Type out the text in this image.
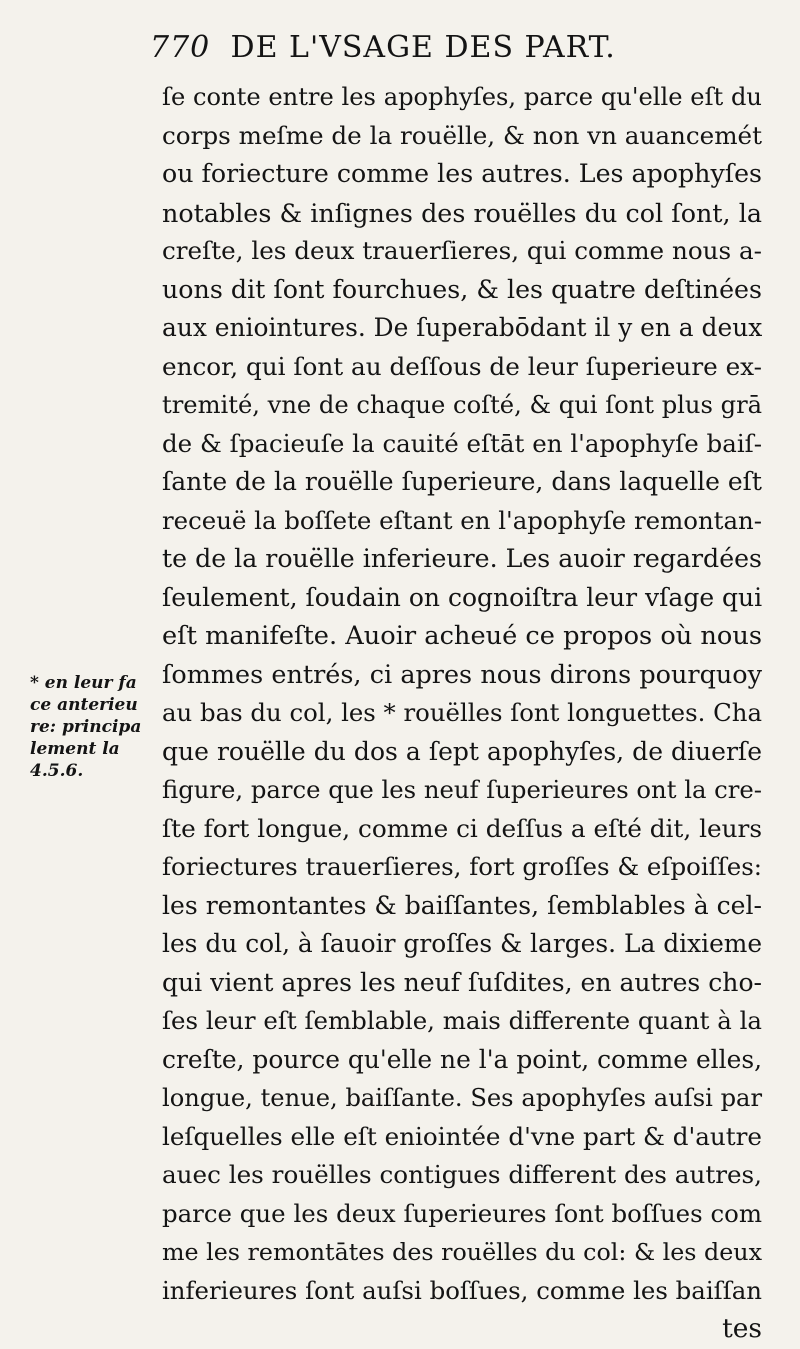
770 DE L'VSAGE DES PART.
ſe conte entre les apophyſes, parce qu'elle eſt du
corps meſme de la rouëlle, & non vn auancemét
ou foriecture comme les autres. Les apophyſes
notables & inſignes des rouëlles du col ſont, la
creſte, les deux trauerſieres, qui comme nous a-
uons dit ſont fourchues, & les quatre deſtinées
aux eniointures. De ſuperabōdant il y en a deux
encor, qui ſont au deſſous de leur ſuperieure ex-
tremité, vne de chaque coſté, & qui ſont plus grā
de & ſpacieuſe la cauité eſtāt en l'apophyſe baiſ-
ſante de la rouëlle ſuperieure, dans laquelle eſt
receuë la boſſete eſtant en l'apophyſe remontan-
te de la rouëlle inferieure. Les auoir regardées
ſeulement, ſoudain on cognoiſtra leur vſage qui
eſt manifeſte. Auoir acheué ce propos où nous
ſommes entrés, ci apres nous dirons pourquoy
au bas du col, les * rouëlles ſont longuettes. Cha
que rouëlle du dos a ſept apophyſes, de diuerſe
figure, parce que les neuf ſuperieures ont la cre-
ſte fort longue, comme ci deſſus a eſté dit, leurs
foriectures trauerſieres, fort groſſes & eſpoiſſes:
les remontantes & baiſſantes, ſemblables à cel-
les du col, à ſauoir groſſes & larges. La dixieme
qui vient apres les neuf ſuſdites, en autres cho-
ſes leur eſt ſemblable, mais differente quant à la
creſte, pource qu'elle ne l'a point, comme elles,
longue, tenue, baiſſante. Ses apophyſes auſsi par
leſquelles elle eſt eniointée d'vne part & d'autre
auec les rouëlles contigues different des autres,
parce que les deux ſuperieures ſont boſſues com
me les remontātes des rouëlles du col: & les deux
inferieures ſont auſsi boſſues, comme les baiſſan
tes
* en leur fa
ce anterieu
re: principa
lement la
4.5.6.
